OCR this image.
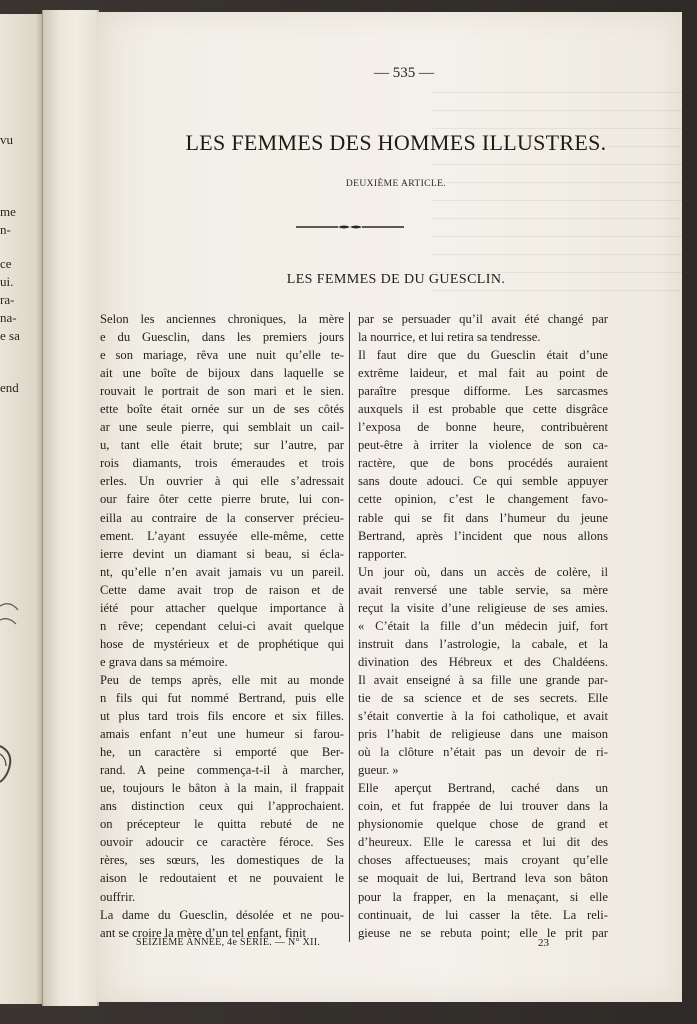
vu
me
n-
ce
ui.
ra-
na-
e sa
end
— 535 —
LES FEMMES DES HOMMES ILLUSTRES.
DEUXIÈME ARTICLE.
LES FEMMES DE DU GUESCLIN.
Selon les anciennes chroniques, la mère
e du Guesclin, dans les premiers jours
e son mariage, rêva une nuit qu’elle te-
ait une boîte de bijoux dans laquelle se
rouvait le portrait de son mari et le sien.
ette boîte était ornée sur un de ses côtés
ar une seule pierre, qui semblait un cail-
u, tant elle était brute; sur l’autre, par
rois diamants, trois émeraudes et trois
erles. Un ouvrier à qui elle s’adressait
our faire ôter cette pierre brute, lui con-
eilla au contraire de la conserver précieu-
ement. L’ayant essuyée elle-même, cette
ierre devint un diamant si beau, si écla-
nt, qu’elle n’en avait jamais vu un pareil.
Cette dame avait trop de raison et de
iété pour attacher quelque importance à
n rêve; cependant celui-ci avait quelque
hose de mystérieux et de prophétique qui
e grava dans sa mémoire.
Peu de temps après, elle mit au monde
n fils qui fut nommé Bertrand, puis elle
ut plus tard trois fils encore et six filles.
amais enfant n’eut une humeur si farou-
he, un caractère si emporté que Ber-
rand. A peine commença-t-il à marcher,
ue, toujours le bâton à la main, il frappait
ans distinction ceux qui l’approchaient.
on précepteur le quitta rebuté de ne
ouvoir adoucir ce caractère féroce. Ses
rères, ses sœurs, les domestiques de la
aison le redoutaient et ne pouvaient le
ouffrir.
La dame du Guesclin, désolée et ne pou-
ant se croire la mère d’un tel enfant, finit
par se persuader qu’il avait été changé par
la nourrice, et lui retira sa tendresse.
Il faut dire que du Guesclin était d’une
extrême laideur, et mal fait au point de
paraître presque difforme. Les sarcasmes
auxquels il est probable que cette disgrâce
l’exposa de bonne heure, contribuèrent
peut-être à irriter la violence de son ca-
ractère, que de bons procédés auraient
sans doute adouci. Ce qui semble appuyer
cette opinion, c’est le changement favo-
rable qui se fit dans l’humeur du jeune
Bertrand, après l’incident que nous allons
rapporter.
Un jour où, dans un accès de colère, il
avait renversé une table servie, sa mère
reçut la visite d’une religieuse de ses amies.
« C’était la fille d’un médecin juif, fort
instruit dans l’astrologie, la cabale, et la
divination des Hébreux et des Chaldéens.
Il avait enseigné à sa fille une grande par-
tie de sa science et de ses secrets. Elle
s’était convertie à la foi catholique, et avait
pris l’habit de religieuse dans une maison
où la clôture n’était pas un devoir de ri-
gueur. »
Elle aperçut Bertrand, caché dans un
coin, et fut frappée de lui trouver dans la
physionomie quelque chose de grand et
d’heureux. Elle le caressa et lui dit des
choses affectueuses; mais croyant qu’elle
se moquait de lui, Bertrand leva son bâton
pour la frapper, en la menaçant, si elle
continuait, de lui casser la tête. La reli-
gieuse ne se rebuta point; elle le prit par
SEIZIÈME ANNÉE, 4e SÉRIE. — N° XII.	23
